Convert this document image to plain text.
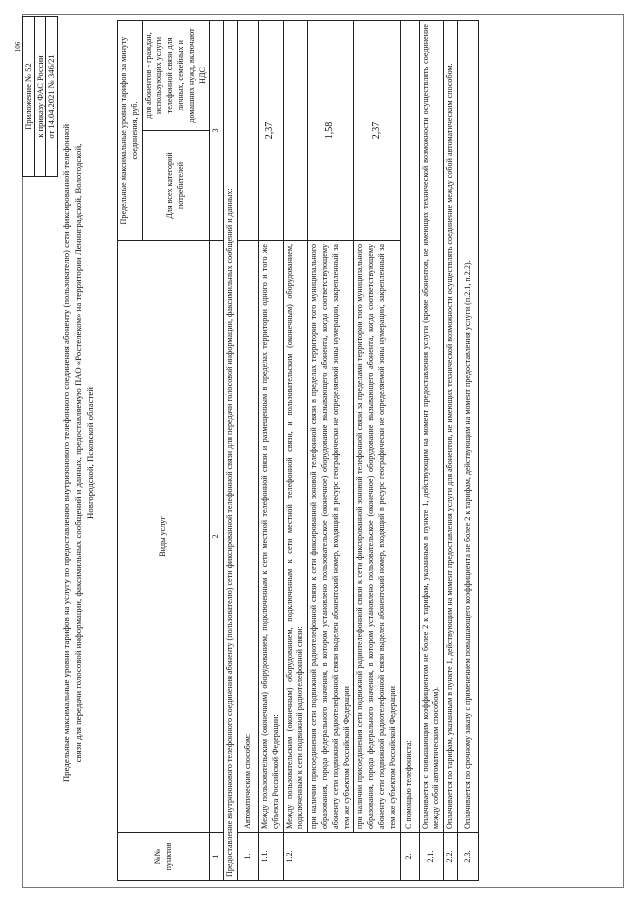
106
Приложение № 52
к приказу ФАС России
от 14.04.2021 № 346/21
Предельные максимальные уровни тарифов на услугу по предоставлению внутризонового телефонного соединения абоненту (пользователю) сети фиксированной телефонной связи для передачи голосовой информации, факсимильных сообщений и данных, предоставляемую ПАО «Ростелеком» на территории Ленинградской, Вологодской, Новгородской, Псковской областей
№№ пунктов	Виды услуг	Предельные максимальные уровни тарифов за минуту соединения, руб.	
		Для всех категорий потребителей	для абонентов - граждан, использующих услуги телефонной связи для личных, семейных и домашних нужд, включают НДС
1	2	3	
Предоставление внутризонового телефонного соединения абоненту (пользователю) сети фиксированной телефонной связи для передачи голосовой информации, факсимильных сообщений и данных:			
1.	Автоматическим способом:		
1.1.	Между пользовательским (оконечным) оборудованием, подключенным к сети местной телефонной связи и размещенным в пределах территории одного и того же субъекта Российской Федерации:	2,37	
1.2.	Между пользовательским (оконечным) оборудованием, подключенным к сети местной телефонной связи, и пользовательским (оконечным) оборудованием, подключенным к сети подвижной радиотелефонной связи:		
	при наличии присоединения сети подвижной радиотелефонной связи к сети фиксированной зоновой телефонной связи в пределах территории того муниципального образования, города федерального значения, в котором установлено пользовательское (оконечное) оборудование вызывающего абонента, когда соответствующему абоненту сети подвижной радиотелефонной связи выделен абонентский номер, входящий в ресурс географически не определяемой зоны нумерации, закрепленный за тем же субъектом Российской Федерации	1,58	
	при наличии присоединения сети подвижной радиотелефонной связи к сети фиксированной зоновой телефонной связи за пределами территории того муниципального образования, города федерального значения, в котором установлено пользовательское (оконечное) оборудование вызывающего абонента, когда соответствующему абоненту сети подвижной радиотелефонной связи выделен абонентский номер, входящий в ресурс географически не определяемой зоны нумерации, закрепленный за тем же субъектом Российской Федерации	2,37	
2.	С помощью телефониста:		
2.1.	Оплачивается с повышающим коэффициентом не более 2 к тарифам, указанным в пункте 1, действующим на момент предоставления услуги (кроме абонентов, не имеющих технической возможности осуществлять соединение между собой автоматическим способом).		
2.2.	Оплачивается по тарифам, указанным в пункте 1, действующим на момент предоставления услуги для абонентов, не имеющих технической возможности осуществлять соединение между собой автоматическим способом.		
2.3.	Оплачивается по срочному заказу с применением повышающего коэффициента не более 2 к тарифам, действующим на момент предоставления услуги (п.2.1, п.2.2).		
